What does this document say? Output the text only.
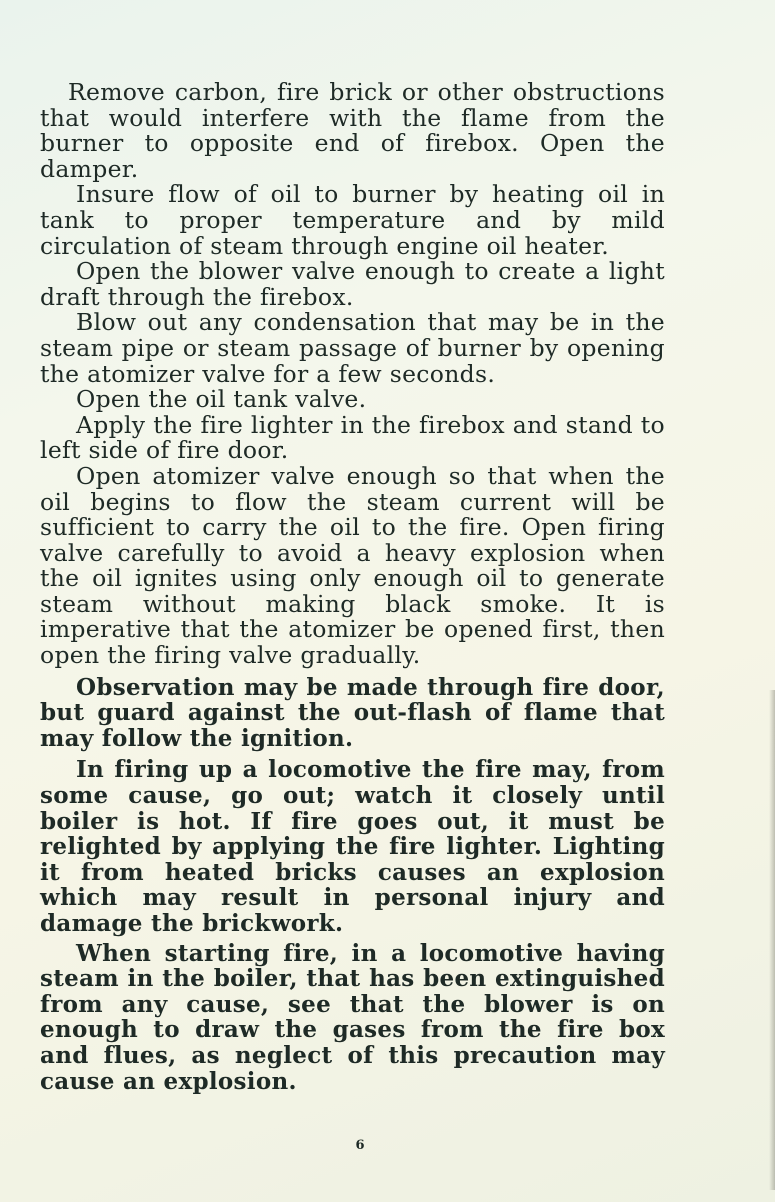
Remove carbon, fire brick or other obstructions that would interfere with the flame from the burner to opposite end of firebox. Open the damper.

Insure flow of oil to burner by heating oil in tank to proper temperature and by mild circulation of steam through engine oil heater.

Open the blower valve enough to create a light draft through the firebox.

Blow out any condensation that may be in the steam pipe or steam passage of burner by opening the atomizer valve for a few seconds.

Open the oil tank valve.

Apply the fire lighter in the firebox and stand to left side of fire door.

Open atomizer valve enough so that when the oil begins to flow the steam current will be sufficient to carry the oil to the fire. Open firing valve carefully to avoid a heavy explosion when the oil ignites using only enough oil to generate steam without making black smoke. It is imperative that the atomizer be opened first, then open the firing valve gradually.

Observation may be made through fire door, but guard against the out-flash of flame that may follow the ignition.

In firing up a locomotive the fire may, from some cause, go out; watch it closely until boiler is hot. If fire goes out, it must be relighted by applying the fire lighter. Lighting it from heated bricks causes an explosion which may result in personal injury and damage the brickwork.

When starting fire, in a locomotive having steam in the boiler, that has been extinguished from any cause, see that the blower is on enough to draw the gases from the fire box and flues, as neglect of this precaution may cause an explosion.

6
